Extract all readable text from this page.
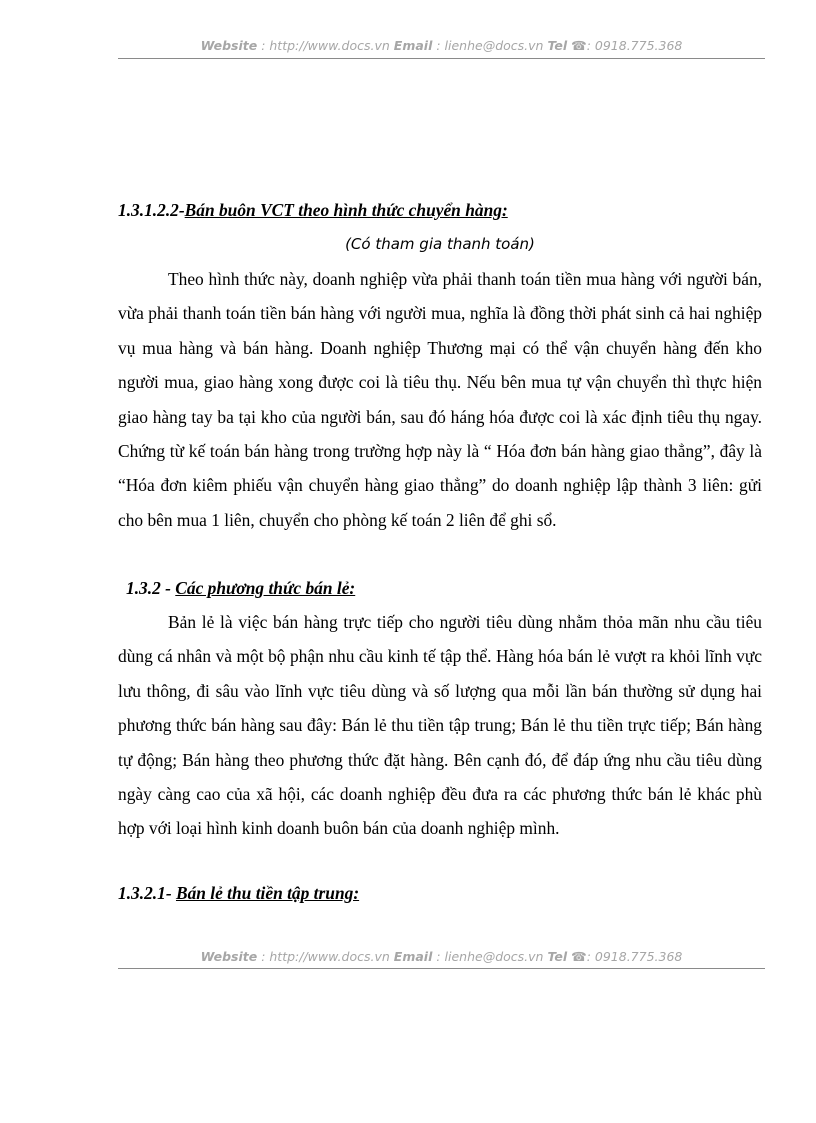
Website : http://www.docs.vn Email : lienhe@docs.vn Tel ☎: 0918.775.368
1.3.1.2.2-Bán buôn VCT theo hình thức chuyển hàng:
(Có tham gia thanh toán)
Theo hình thức này, doanh nghiệp vừa phải thanh toán tiền mua hàng với người bán, vừa phải thanh toán tiền bán hàng với người mua, nghĩa là đồng thời phát sinh cả hai nghiệp vụ mua hàng và bán hàng. Doanh nghiệp Thương mại có thể vận chuyển hàng đến kho người mua, giao hàng xong được coi là tiêu thụ. Nếu bên mua tự vận chuyển thì thực hiện giao hàng tay ba tại kho của người bán, sau đó háng hóa được coi là xác định tiêu thụ ngay. Chứng từ kế toán bán hàng trong trường hợp này là “ Hóa đơn bán hàng giao thẳng”, đây là “Hóa đơn kiêm phiếu vận chuyển hàng giao thẳng” do doanh nghiệp lập thành 3 liên: gửi cho bên mua 1 liên, chuyển cho phòng kế toán 2 liên để ghi sổ.
1.3.2 - Các phương thức bán lẻ:
Bản lẻ là việc bán hàng trực tiếp cho người tiêu dùng nhằm thỏa mãn nhu cầu tiêu dùng cá nhân và một bộ phận nhu cầu kinh tế tập thể. Hàng hóa bán lẻ vượt ra khỏi lĩnh vực lưu thông, đi sâu vào lĩnh vực tiêu dùng và số lượng qua mỗi lần bán thường sử dụng hai phương thức bán hàng sau đây: Bán lẻ thu tiền tập trung; Bán lẻ thu tiền trực tiếp; Bán hàng tự động; Bán hàng theo phương thức đặt hàng. Bên cạnh đó, để đáp ứng nhu cầu tiêu dùng ngày càng cao của xã hội, các doanh nghiệp đều đưa ra các phương thức bán lẻ khác phù hợp với loại hình kinh doanh buôn bán của doanh nghiệp mình.
1.3.2.1- Bán lẻ thu tiền tập trung:
Website : http://www.docs.vn Email : lienhe@docs.vn Tel ☎: 0918.775.368
